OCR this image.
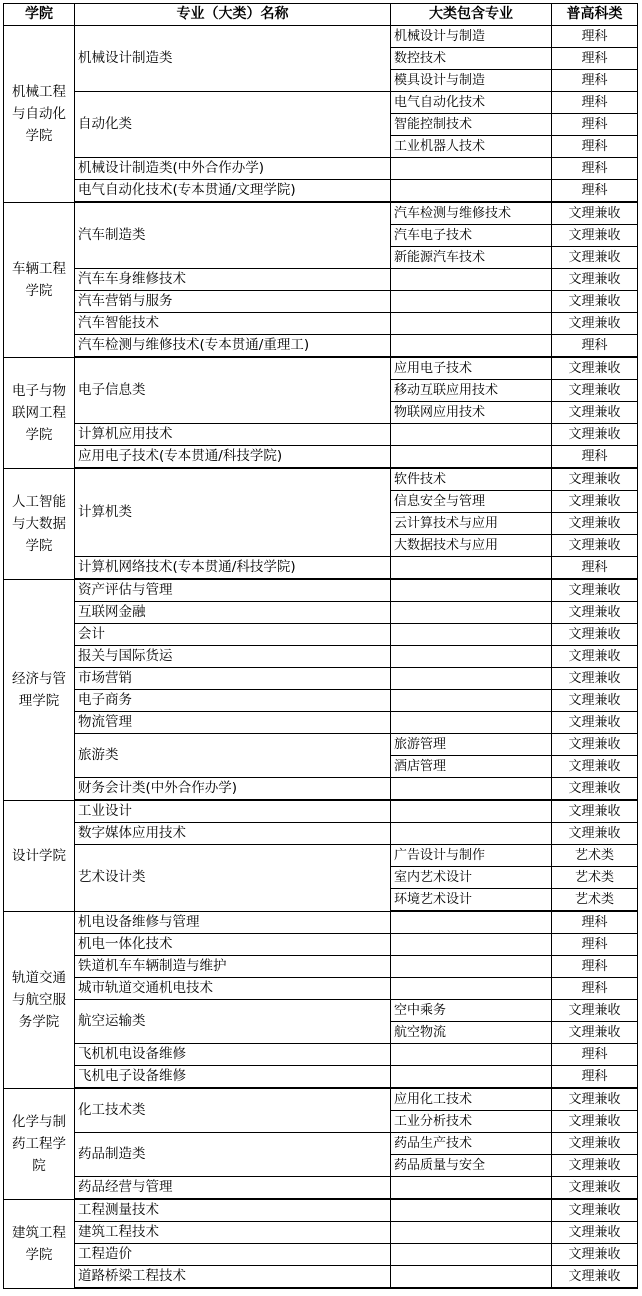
学院	专业（大类）名称	大类包含专业	普高科类
机械工程与自动化学院	机械设计制造类	机械设计与制造	理科
		数控技术	理科
		模具设计与制造	理科
	自动化类	电气自动化技术	理科
		智能控制技术	理科
		工业机器人技术	理科
	机械设计制造类(中外合作办学)		理科
	电气自动化技术(专本贯通/文理学院)		理科
车辆工程学院	汽车制造类	汽车检测与维修技术	文理兼收
		汽车电子技术	文理兼收
		新能源汽车技术	文理兼收
	汽车车身维修技术		文理兼收
	汽车营销与服务		文理兼收
	汽车智能技术		文理兼收
	汽车检测与维修技术(专本贯通/重理工)		理科
电子与物联网工程学院	电子信息类	应用电子技术	文理兼收
		移动互联应用技术	文理兼收
		物联网应用技术	文理兼收
	计算机应用技术		文理兼收
	应用电子技术(专本贯通/科技学院)		理科
人工智能与大数据学院	计算机类	软件技术	文理兼收
		信息安全与管理	文理兼收
		云计算技术与应用	文理兼收
		大数据技术与应用	文理兼收
	计算机网络技术(专本贯通/科技学院)		理科
经济与管理学院	资产评估与管理		文理兼收
	互联网金融		文理兼收
	会计		文理兼收
	报关与国际货运		文理兼收
	市场营销		文理兼收
	电子商务		文理兼收
	物流管理		文理兼收
	旅游类	旅游管理	文理兼收
		酒店管理	文理兼收
	财务会计类(中外合作办学)		文理兼收
设计学院	工业设计		文理兼收
	数字媒体应用技术		文理兼收
	艺术设计类	广告设计与制作	艺术类
		室内艺术设计	艺术类
		环境艺术设计	艺术类
轨道交通与航空服务学院	机电设备维修与管理		理科
	机电一体化技术		理科
	铁道机车车辆制造与维护		理科
	城市轨道交通机电技术		理科
	航空运输类	空中乘务	文理兼收
		航空物流	文理兼收
	飞机机电设备维修		理科
	飞机电子设备维修		理科
化学与制药工程学院	化工技术类	应用化工技术	文理兼收
		工业分析技术	文理兼收
	药品制造类	药品生产技术	文理兼收
		药品质量与安全	文理兼收
	药品经营与管理		文理兼收
建筑工程学院	工程测量技术		文理兼收
	建筑工程技术		文理兼收
	工程造价		文理兼收
	道路桥梁工程技术		文理兼收
